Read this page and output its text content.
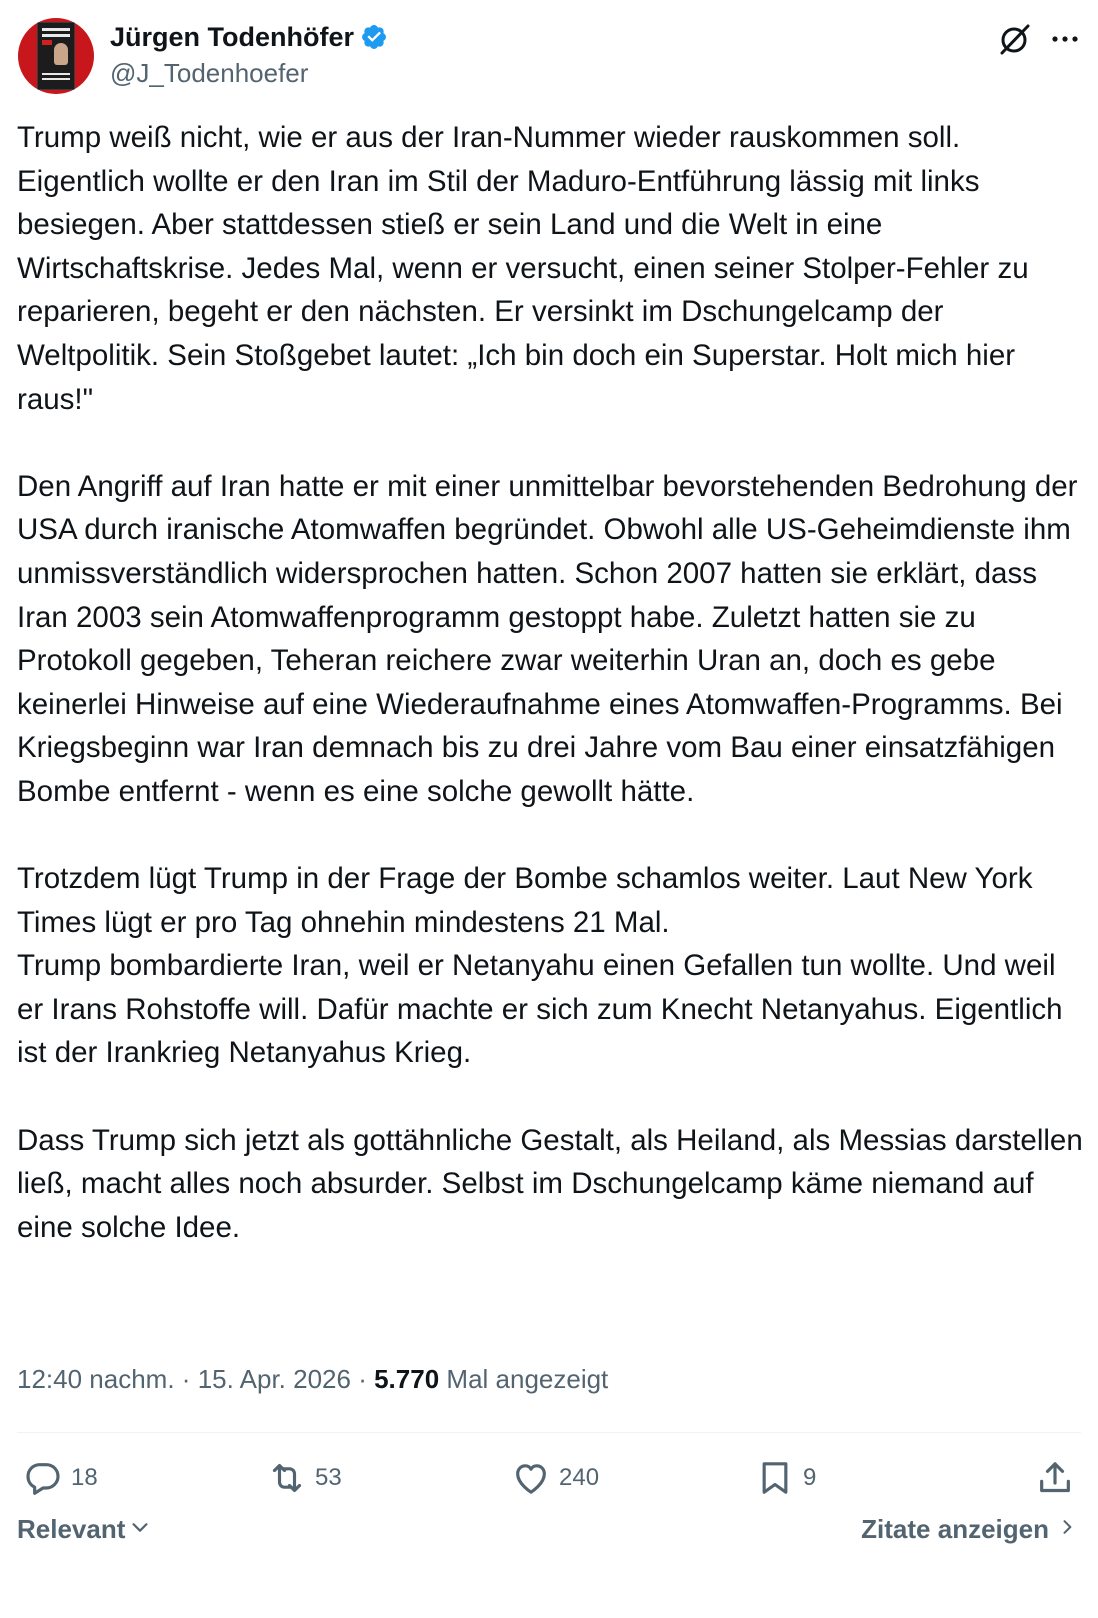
Jürgen Todenhöfer
@J_Todenhoefer
Trump weiß nicht, wie er aus der Iran-Nummer wieder rauskommen soll. Eigentlich wollte er den Iran im Stil der Maduro-Entführung lässig mit links besiegen. Aber stattdessen stieß er sein Land und die Welt in eine Wirtschaftskrise. Jedes Mal, wenn er versucht, einen seiner Stolper-Fehler zu reparieren, begeht er den nächsten. Er versinkt im Dschungelcamp der Weltpolitik. Sein Stoßgebet lautet: „Ich bin doch ein Superstar. Holt mich hier raus!"

Den Angriff auf Iran hatte er mit einer unmittelbar bevorstehenden Bedrohung der USA durch iranische Atomwaffen begründet. Obwohl alle US-Geheimdienste ihm unmissverständlich widersprochen hatten. Schon 2007 hatten sie erklärt, dass Iran 2003 sein Atomwaffenprogramm gestoppt habe. Zuletzt hatten sie zu Protokoll gegeben, Teheran reichere zwar weiterhin Uran an, doch es gebe keinerlei Hinweise auf eine Wiederaufnahme eines Atomwaffen-Programms. Bei Kriegsbeginn war Iran demnach bis zu drei Jahre vom Bau einer einsatzfähigen Bombe entfernt - wenn es eine solche gewollt hätte.

Trotzdem lügt Trump in der Frage der Bombe schamlos weiter. Laut New York Times lügt er pro Tag ohnehin mindestens 21 Mal.
Trump bombardierte Iran, weil er Netanyahu einen Gefallen tun wollte. Und weil er Irans Rohstoffe will. Dafür machte er sich zum Knecht Netanyahus. Eigentlich ist der Irankrieg Netanyahus Krieg.

Dass Trump sich jetzt als gottähnliche Gestalt, als Heiland, als Messias darstellen ließ, macht alles noch absurder. Selbst im Dschungelcamp käme niemand auf eine solche Idee.
12:40 nachm. · 15. Apr. 2026 · 5.770 Mal angezeigt
18	53	240	9
Relevant	Zitate anzeigen
